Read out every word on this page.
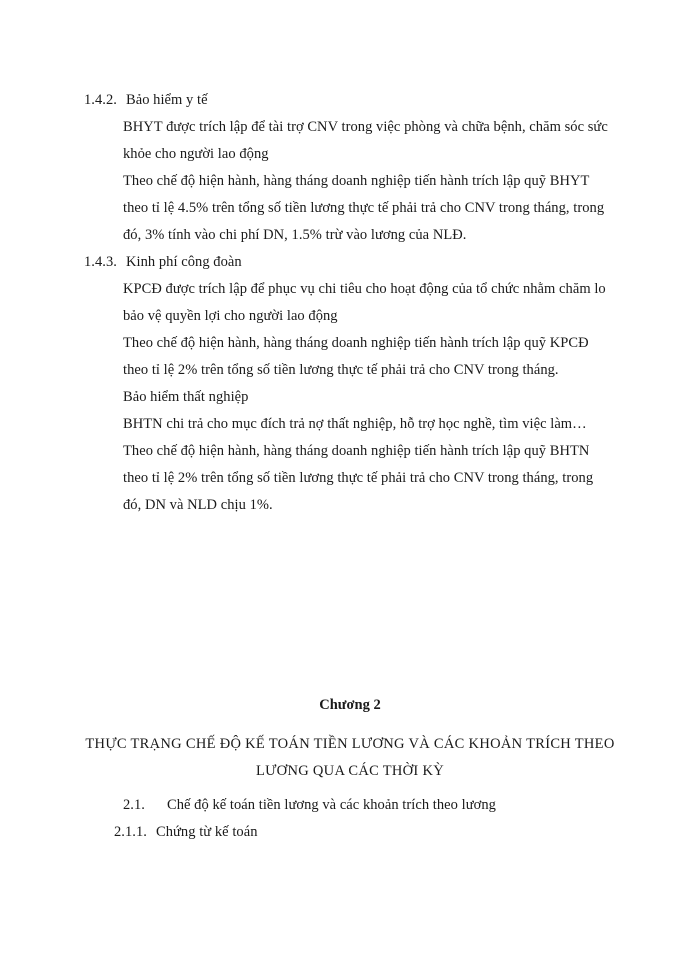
1.4.2. Bảo hiểm y tế
BHYT được trích lập để tài trợ CNV trong việc phòng và chữa bệnh, chăm sóc sức
khỏe cho người lao động
Theo chế độ hiện hành, hàng tháng doanh nghiệp tiến hành trích lập quỹ BHYT
theo tỉ lệ 4.5% trên tổng số tiền lương thực tế phải trả cho CNV trong tháng, trong
đó, 3% tính vào chi phí DN, 1.5% trừ vào lương của NLĐ.
1.4.3. Kinh phí công đoàn
KPCĐ được trích lập để phục vụ chi tiêu cho hoạt động của tổ chức nhằm chăm lo
bảo vệ quyền lợi cho người lao động
Theo chế độ hiện hành, hàng tháng doanh nghiệp tiến hành trích lập quỹ KPCĐ
theo tỉ lệ 2% trên tổng số tiền lương thực tế phải trả cho CNV trong tháng.
Bảo hiểm thất nghiệp
BHTN chi trả cho mục đích trả nợ thất nghiệp, hỗ trợ học nghề, tìm việc làm…
Theo chế độ hiện hành, hàng tháng doanh nghiệp tiến hành trích lập quỹ BHTN
theo tỉ lệ 2% trên tổng số tiền lương thực tế phải trả cho CNV trong tháng, trong
đó, DN và NLD chịu 1%.
Chương 2
THỰC TRẠNG CHẾ ĐỘ KẾ TOÁN TIỀN LƯƠNG VÀ CÁC KHOẢN TRÍCH THEO
LƯƠNG QUA CÁC THỜI KỲ
2.1. Chế độ kế toán tiền lương và các khoản trích theo lương
2.1.1. Chứng từ kế toán
